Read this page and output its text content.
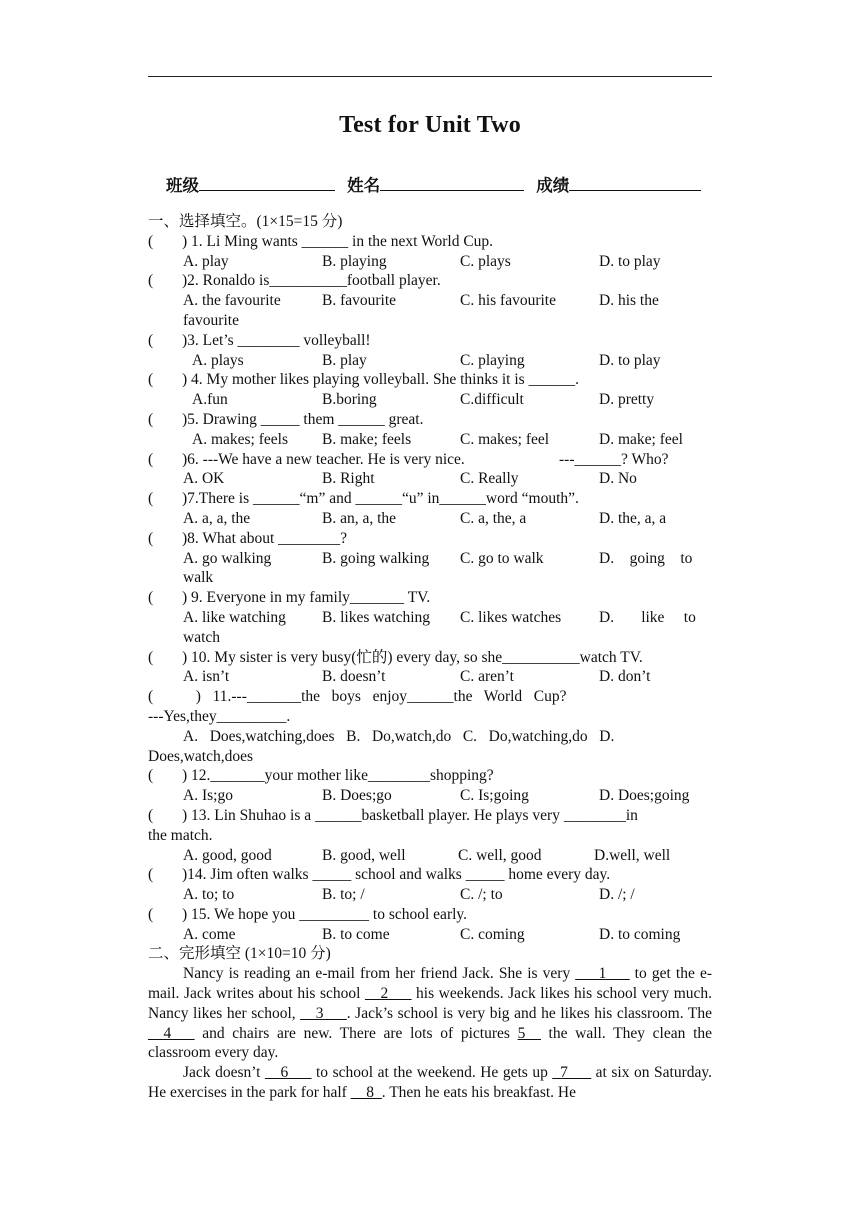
Test for Unit Two
班级	姓名	成绩
一、选择填空。(1×15=15 分)
( ) 1. Li Ming wants ______ in the next World Cup.
A. play	B. playing	C. plays	D. to play
( )2. Ronaldo is__________football player.
A. the favourite	B. favourite	C. his favourite	D. his the
favourite
( )3. Let’s ________ volleyball!
A. plays	B. play	C. playing	D. to play
( ) 4. My mother likes playing volleyball. She thinks it is ______.
A.fun	B.boring	C.difficult	D. pretty
( )5. Drawing _____ them ______ great.
A. makes; feels B. make; feels	C. makes; feel	D. make; feel
( )6. ---We have a new teacher. He is very nice.	---______? Who?
A. OK	B. Right	C. Really	D. No
( )7.There is ______“m” and ______“u” in______word “mouth”.
A. a, a, the	B. an, a, the	C. a, the, a	D. the, a, a
( )8. What about ________?
A. go walking	B. going walking C. go to walk	D.    going    to
walk
( ) 9. Everyone in my family_______ TV.
A. like watching B. likes watching C. likes watches D.       like     to
watch
( ) 10. My sister is very busy(忙的) every day, so she__________watch TV.
A. isn’t	B. doesn’t	C. aren’t	D. don’t
(           )   11.---_______the   boys   enjoy______the   World   Cup?
---Yes,they_________.
A.   Does,watching,does   B.   Do,watch,do   C.   Do,watching,do   D.
Does,watch,does
( ) 12._______your mother like________shopping?
A. Is;go	B. Does;go	C. Is;going	D. Does;going
( ) 13. Lin Shuhao is a ______basketball player. He plays very ________in
the match.
A. good, good	B. good, well	C. well, good	D.well, well
( )14. Jim often walks _____ school and walks _____ home every day.
A. to; to	B. to; /	C. /; to	D. /; /
( ) 15. We hope you _________ to school early.
A. come	B. to come	C. coming	D. to coming
二、完形填空 (1×10=10 分)
Nancy is reading an e-mail from her friend Jack. She is very ___1___ to get the e-mail. Jack writes about his school __2___ his weekends. Jack likes his school very much. Nancy likes her school, __3___. Jack’s school is very big and he likes his classroom. The __4___ and chairs are new. There are lots of pictures 5__ the wall. They clean the classroom every day.
Jack doesn’t __6___ to school at the weekend. He gets up _7___ at six on Saturday. He exercises in the park for half __8_. Then he eats his breakfast. He
